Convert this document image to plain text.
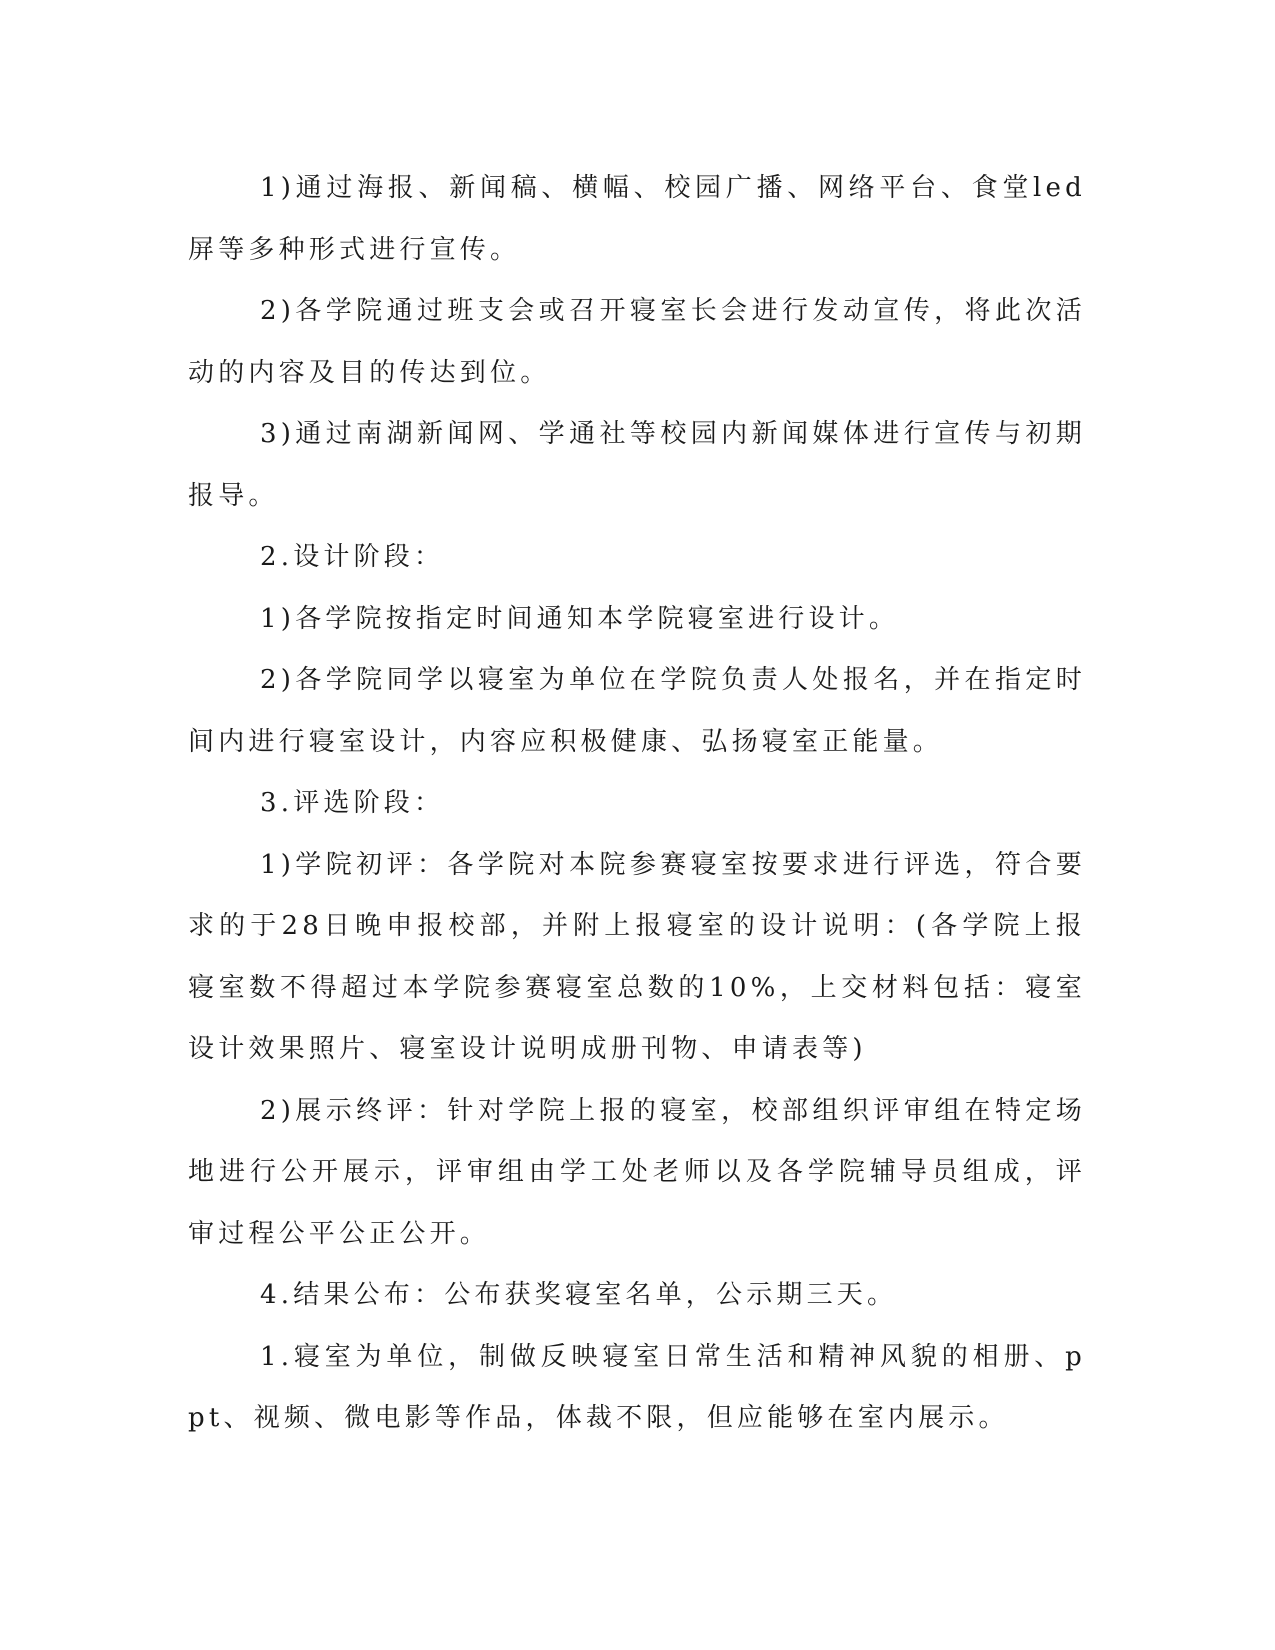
1)通过海报、新闻稿、横幅、校园广播、网络平台、食堂led屏等多种形式进行宣传。

2)各学院通过班支会或召开寝室长会进行发动宣传，将此次活动的内容及目的传达到位。

3)通过南湖新闻网、学通社等校园内新闻媒体进行宣传与初期报导。

2.设计阶段：

1)各学院按指定时间通知本学院寝室进行设计。

2)各学院同学以寝室为单位在学院负责人处报名，并在指定时间内进行寝室设计，内容应积极健康、弘扬寝室正能量。

3.评选阶段：

1)学院初评：各学院对本院参赛寝室按要求进行评选，符合要求的于28日晚申报校部，并附上报寝室的设计说明：(各学院上报寝室数不得超过本学院参赛寝室总数的10%，上交材料包括：寝室设计效果照片、寝室设计说明成册刊物、申请表等)

2)展示终评：针对学院上报的寝室，校部组织评审组在特定场地进行公开展示，评审组由学工处老师以及各学院辅导员组成，评审过程公平公正公开。

4.结果公布：公布获奖寝室名单，公示期三天。

1.寝室为单位，制做反映寝室日常生活和精神风貌的相册、ppt、视频、微电影等作品，体裁不限，但应能够在室内展示。
